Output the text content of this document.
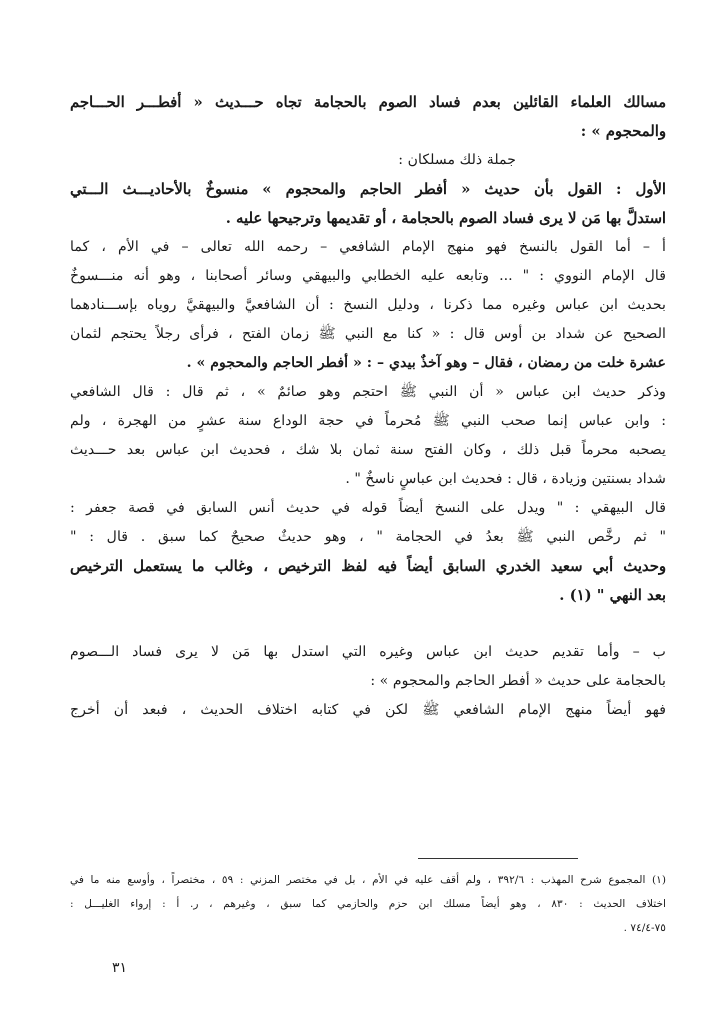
مسالك العلماء القائلين بعدم فساد الصوم بالحجامة تجاه حـــديث « أفطـــر الحـــاجم
والمحجوم » :
جملة ذلك مسلكان :
الأول : القول بأن حديث « أفطر الحاجم والمحجوم » منسوخٌ بالأحاديـــث الـــتي
استدلَّ بها مَن لا يرى فساد الصوم بالحجامة ، أو تقديمها وترجيحها عليه .
أ – أما القول بالنسخ فهو منهج الإمام الشافعي – رحمه الله تعالى – في الأم ، كما
قال الإمام النووي : " ... وتابعه عليه الخطابي والبيهقي وسائر أصحابنا ، وهو أنه منـــسوخٌ
بحديث ابن عباس وغيره مما ذكرنا ، ودليل النسخ : أن الشافعيَّ والبيهقيَّ روياه بإســـنادهما
الصحيح عن شداد بن أوس قال : « كنا مع النبي ﷺ زمان الفتح ، فرأى رجلاً يحتجم لثمان
عشرة خلت من رمضان ، فقال – وهو آخذٌ بيدي – : « أفطر الحاجم والمحجوم » .
وذكر حديث ابن عباس « أن النبي ﷺ احتجم وهو صائمٌ » ، ثم قال : قال الشافعي
: وابن عباس إنما صحب النبي ﷺ مُحرماً في حجة الوداع سنة عشرٍ من الهجرة ، ولم
يصحبه محرماً قبل ذلك ، وكان الفتح سنة ثمان بلا شك ، فحديث ابن عباس بعد حـــديث
شداد بسنتين وزيادة ، قال : فحديث ابن عباسٍ ناسخٌ " .
قال البيهقي : " ويدل على النسخ أيضاً قوله في حديث أنس السابق في قصة جعفر :
" ثم رخَّص النبي ﷺ بعدُ في الحجامة " ، وهو حديثٌ صحيحٌ كما سبق . قال : "
وحديث أبي سعيد الخدري السابق أيضاً فيه لفظ الترخيص ، وغالب ما يستعمل الترخيص
بعد النهي " (١) .
ب – وأما تقديم حديث ابن عباس وغيره التي استدل بها مَن لا يرى فساد الـــصوم
بالحجامة على حديث « أفطر الحاجم والمحجوم » :
فهو أيضاً منهج الإمام الشافعي ﷺ لكن في كتابه اختلاف الحديث ، فبعد أن أخرج
(١) المجموع شرح المهذب : ٣٩٢/٦ ، ولم أقف عليه في الأم ، بل في مختصر المزني : ٥٩ ، مختصراً ، وأوسع منه ما في
اختلاف الحديث : ٨٣٠ ، وهو أيضاً مسلك ابن حزم والحازمي كما سبق ، وغيرهم ، ر. أ : إرواء الغليـــل :
٧٥-٧٤/٤ .
٣١
